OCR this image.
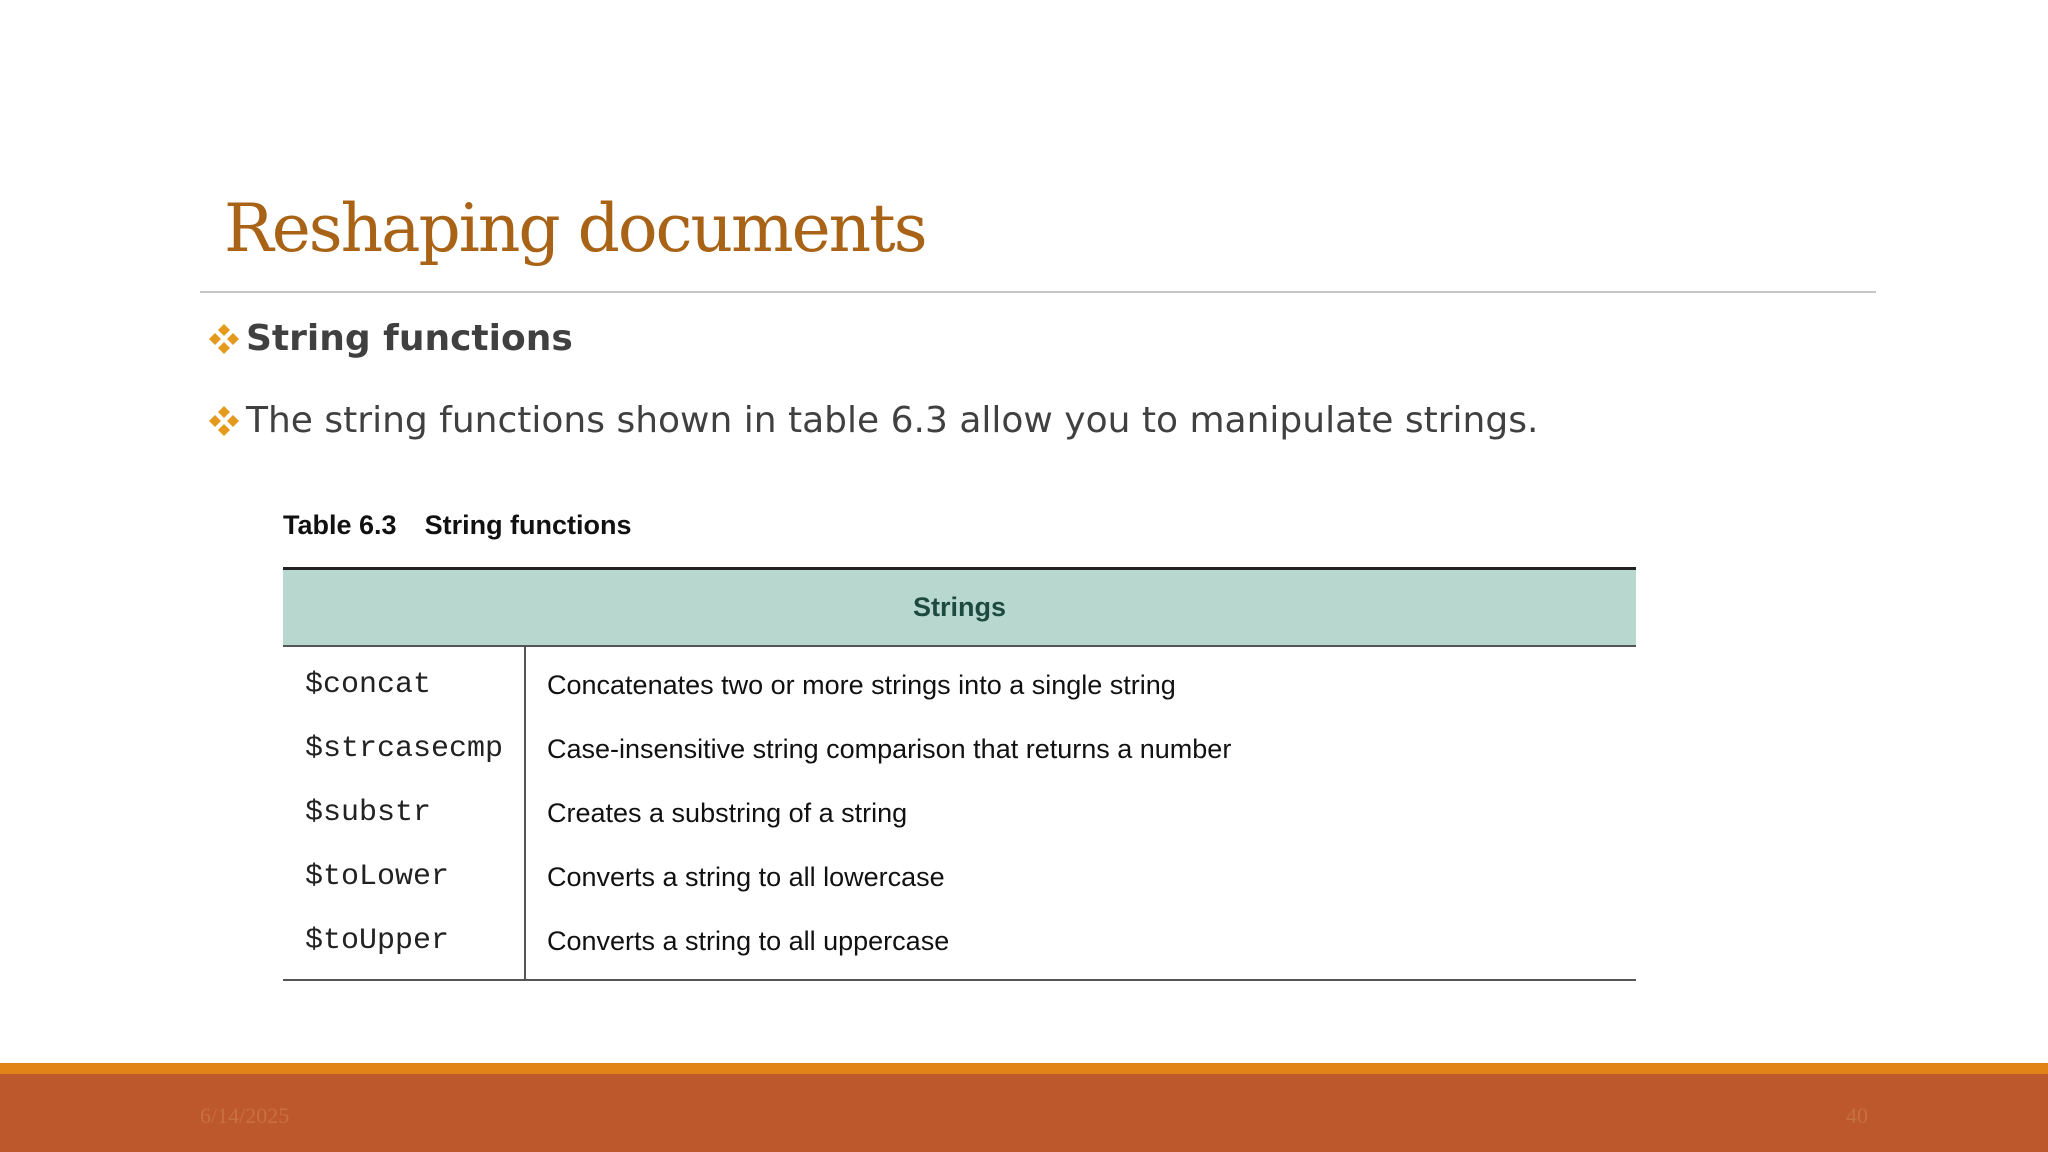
Reshaping documents
String functions
The string functions shown in table 6.3 allow you to manipulate strings.
Table 6.3 String functions
Strings	
$concat	Concatenates two or more strings into a single string
$strcasecmp	Case-insensitive string comparison that returns a number
$substr	Creates a substring of a string
$toLower	Converts a string to all lowercase
$toUpper	Converts a string to all uppercase
6/14/2025	40
